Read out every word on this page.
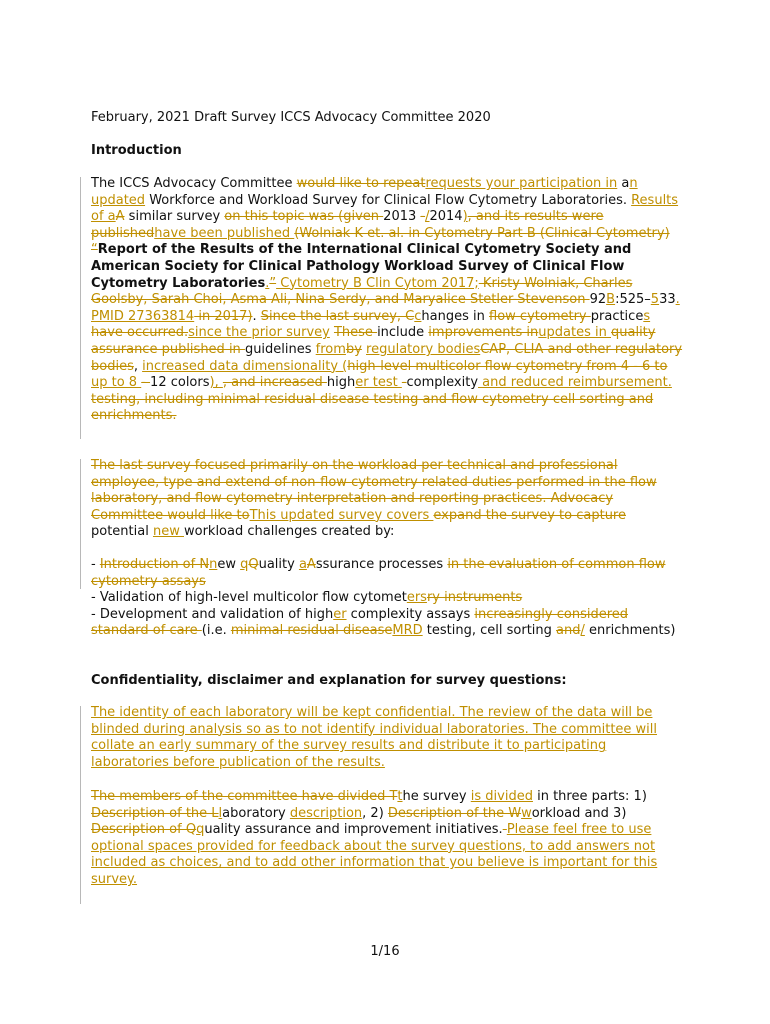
February, 2021 Draft Survey ICCS Advocacy Committee 2020
Introduction
The ICCS Advocacy Committee would like to repeatrequests your participation in an updated Workforce and Workload Survey for Clinical Flow Cytometry Laboratories. Results of aA similar survey on this topic was (given 2013 -/2014), and its results were publishedhave been published (Wolniak K et. al. in Cytometry Part B (Clinical Cytometry) “Report of the Results of the International Clinical Cytometry Society and American Society for Clinical Pathology Workload Survey of Clinical Flow Cytometry Laboratories.” Cytometry B Clin Cytom 2017; Kristy Wolniak, Charles Goolsby, Sarah Choi, Asma Ali, Nina Serdy, and Maryalice Stetler-Stevenson 92B:525–533. PMID 27363814 in 2017). Since the last survey, Cchanges in flow cytometry practices have occurred.since the prior survey These include improvements inupdates in quality assurance published in guidelines fromby regulatory bodiesCAP, CLIA and other regulatory bodies, increased data dimensionality (high-level multicolor flow cytometry from 4 - 6 to up to 8 - 12 colors), , and increased higher test -complexity and reduced reimbursement. testing, including minimal residual disease testing and flow cytometry cell sorting and enrichments.
The last survey focused primarily on the workload per technical and professional employee, type and extend of non-flow cytometry related duties performed in the flow laboratory, and flow cytometry interpretation and reporting practices. Advocacy Committee would like toThis updated survey covers expand the survey to capture potential new workload challenges created by:
- Introduction of Nnew qQuality aAssurance processes in the evaluation of common flow cytometry assays
- Validation of high-level multicolor flow cytometersry instruments
- Development and validation of higher complexity assays increasingly considered standard of care (i.e. minimal residual diseaseMRD testing, cell sorting and/ enrichments)
Confidentiality, disclaimer and explanation for survey questions:
The identity of each laboratory will be kept confidential. The review of the data will be blinded during analysis so as to not identify individual laboratories. The committee will collate an early summary of the survey results and distribute it to participating laboratories before publication of the results.
The members of the committee have divided Tthe survey is divided in three parts: 1) Description of the Llaboratory description, 2) Description of the Wworkload and 3) Description of Qquality assurance and improvement initiatives. Please feel free to use optional spaces provided for feedback about the survey questions, to add answers not included as choices, and to add other information that you believe is important for this survey.
1/16
